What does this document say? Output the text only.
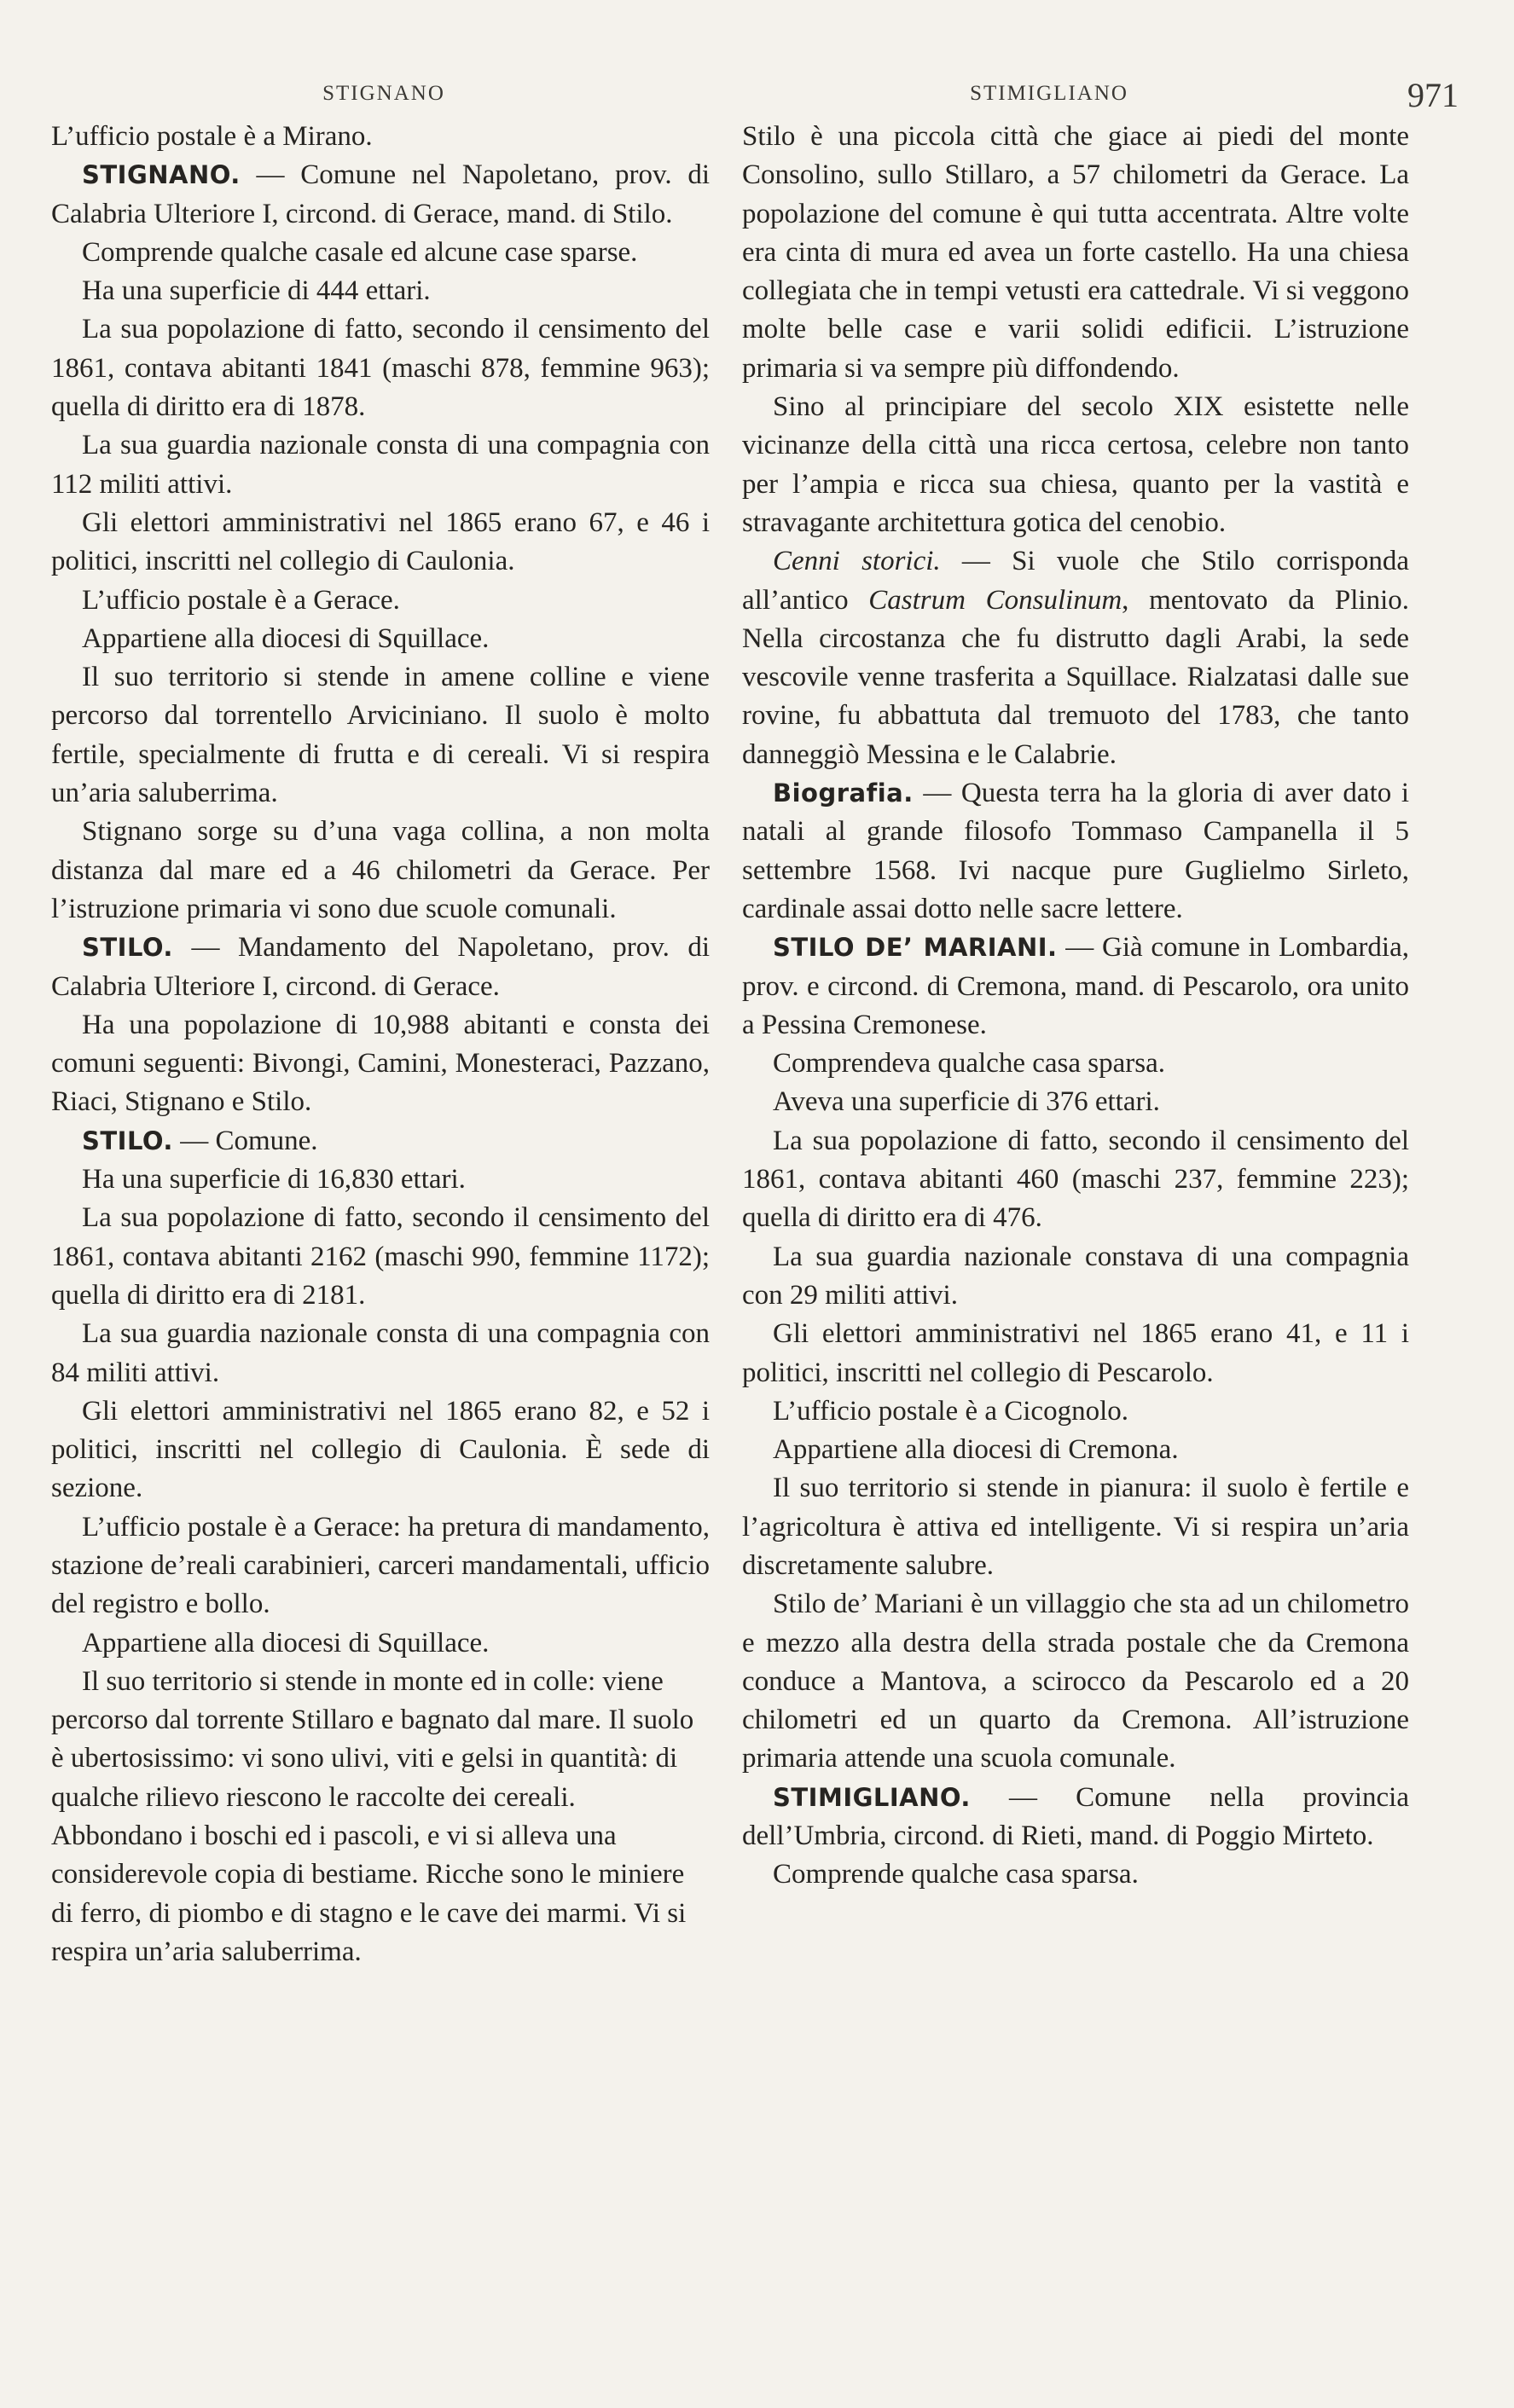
STIGNANO	STIMIGLIANO	971

L’ufficio postale è a Mirano.

STIGNANO. — Comune nel Napoletano, prov. di Calabria Ulteriore I, circond. di Gerace, mand. di Stilo.

Comprende qualche casale ed alcune case sparse.

Ha una superficie di 444 ettari.

La sua popolazione di fatto, secondo il censimento del 1861, contava abitanti 1841 (maschi 878, femmine 963); quella di diritto era di 1878.

La sua guardia nazionale consta di una compagnia con 112 militi attivi.

Gli elettori amministrativi nel 1865 erano 67, e 46 i politici, inscritti nel collegio di Caulonia.

L’ufficio postale è a Gerace.

Appartiene alla diocesi di Squillace.

Il suo territorio si stende in amene colline e viene percorso dal torrentello Arviciniano. Il suolo è molto fertile, specialmente di frutta e di cereali. Vi si respira un’aria saluberrima.

Stignano sorge su d’una vaga collina, a non molta distanza dal mare ed a 46 chilometri da Gerace. Per l’istruzione primaria vi sono due scuole comunali.

STILO. — Mandamento del Napoletano, prov. di Calabria Ulteriore I, circond. di Gerace.

Ha una popolazione di 10,988 abitanti e consta dei comuni seguenti: Bivongi, Camini, Monesteraci, Pazzano, Riaci, Stignano e Stilo.

STILO. — Comune.

Ha una superficie di 16,830 ettari.

La sua popolazione di fatto, secondo il censimento del 1861, contava abitanti 2162 (maschi 990, femmine 1172); quella di diritto era di 2181.

La sua guardia nazionale consta di una compagnia con 84 militi attivi.

Gli elettori amministrativi nel 1865 erano 82, e 52 i politici, inscritti nel collegio di Caulonia. È sede di sezione.

L’ufficio postale è a Gerace: ha pretura di mandamento, stazione de’reali carabinieri, carceri mandamentali, ufficio del registro e bollo.

Appartiene alla diocesi di Squillace.

Il suo territorio si stende in monte ed in colle: viene percorso dal torrente Stillaro e bagnato dal mare. Il suolo è ubertosissimo: vi sono ulivi, viti e gelsi in quantità: di qualche rilievo riescono le raccolte dei cereali. Abbondano i boschi ed i pascoli, e vi si alleva una considerevole copia di bestiame. Ricche sono le miniere di ferro, di piombo e di stagno e le cave dei marmi. Vi si respira un’aria saluberrima.

Stilo è una piccola città che giace ai piedi del monte Consolino, sullo Stillaro, a 57 chilometri da Gerace. La popolazione del comune è qui tutta accentrata. Altre volte era cinta di mura ed avea un forte castello. Ha una chiesa collegiata che in tempi vetusti era cattedrale. Vi si veggono molte belle case e varii solidi edificii. L’istruzione primaria si va sempre più diffondendo.

Sino al principiare del secolo XIX esistette nelle vicinanze della città una ricca certosa, celebre non tanto per l’ampia e ricca sua chiesa, quanto per la vastità e stravagante architettura gotica del cenobio.

Cenni storici. — Si vuole che Stilo corrisponda all’antico Castrum Consulinum, mentovato da Plinio. Nella circostanza che fu distrutto dagli Arabi, la sede vescovile venne trasferita a Squillace. Rialzatasi dalle sue rovine, fu abbattuta dal tremuoto del 1783, che tanto danneggiò Messina e le Calabrie.

Biografia. — Questa terra ha la gloria di aver dato i natali al grande filosofo Tommaso Campanella il 5 settembre 1568. Ivi nacque pure Guglielmo Sirleto, cardinale assai dotto nelle sacre lettere.

STILO DE’ MARIANI. — Già comune in Lombardia, prov. e circond. di Cremona, mand. di Pescarolo, ora unito a Pessina Cremonese.

Comprendeva qualche casa sparsa.

Aveva una superficie di 376 ettari.

La sua popolazione di fatto, secondo il censimento del 1861, contava abitanti 460 (maschi 237, femmine 223); quella di diritto era di 476.

La sua guardia nazionale constava di una compagnia con 29 militi attivi.

Gli elettori amministrativi nel 1865 erano 41, e 11 i politici, inscritti nel collegio di Pescarolo.

L’ufficio postale è a Cicognolo.

Appartiene alla diocesi di Cremona.

Il suo territorio si stende in pianura: il suolo è fertile e l’agricoltura è attiva ed intelligente. Vi si respira un’aria discretamente salubre.

Stilo de’ Mariani è un villaggio che sta ad un chilometro e mezzo alla destra della strada postale che da Cremona conduce a Mantova, a scirocco da Pescarolo ed a 20 chilometri ed un quarto da Cremona. All’istruzione primaria attende una scuola comunale.

STIMIGLIANO. — Comune nella provincia dell’Umbria, circond. di Rieti, mand. di Poggio Mirteto.

Comprende qualche casa sparsa.
